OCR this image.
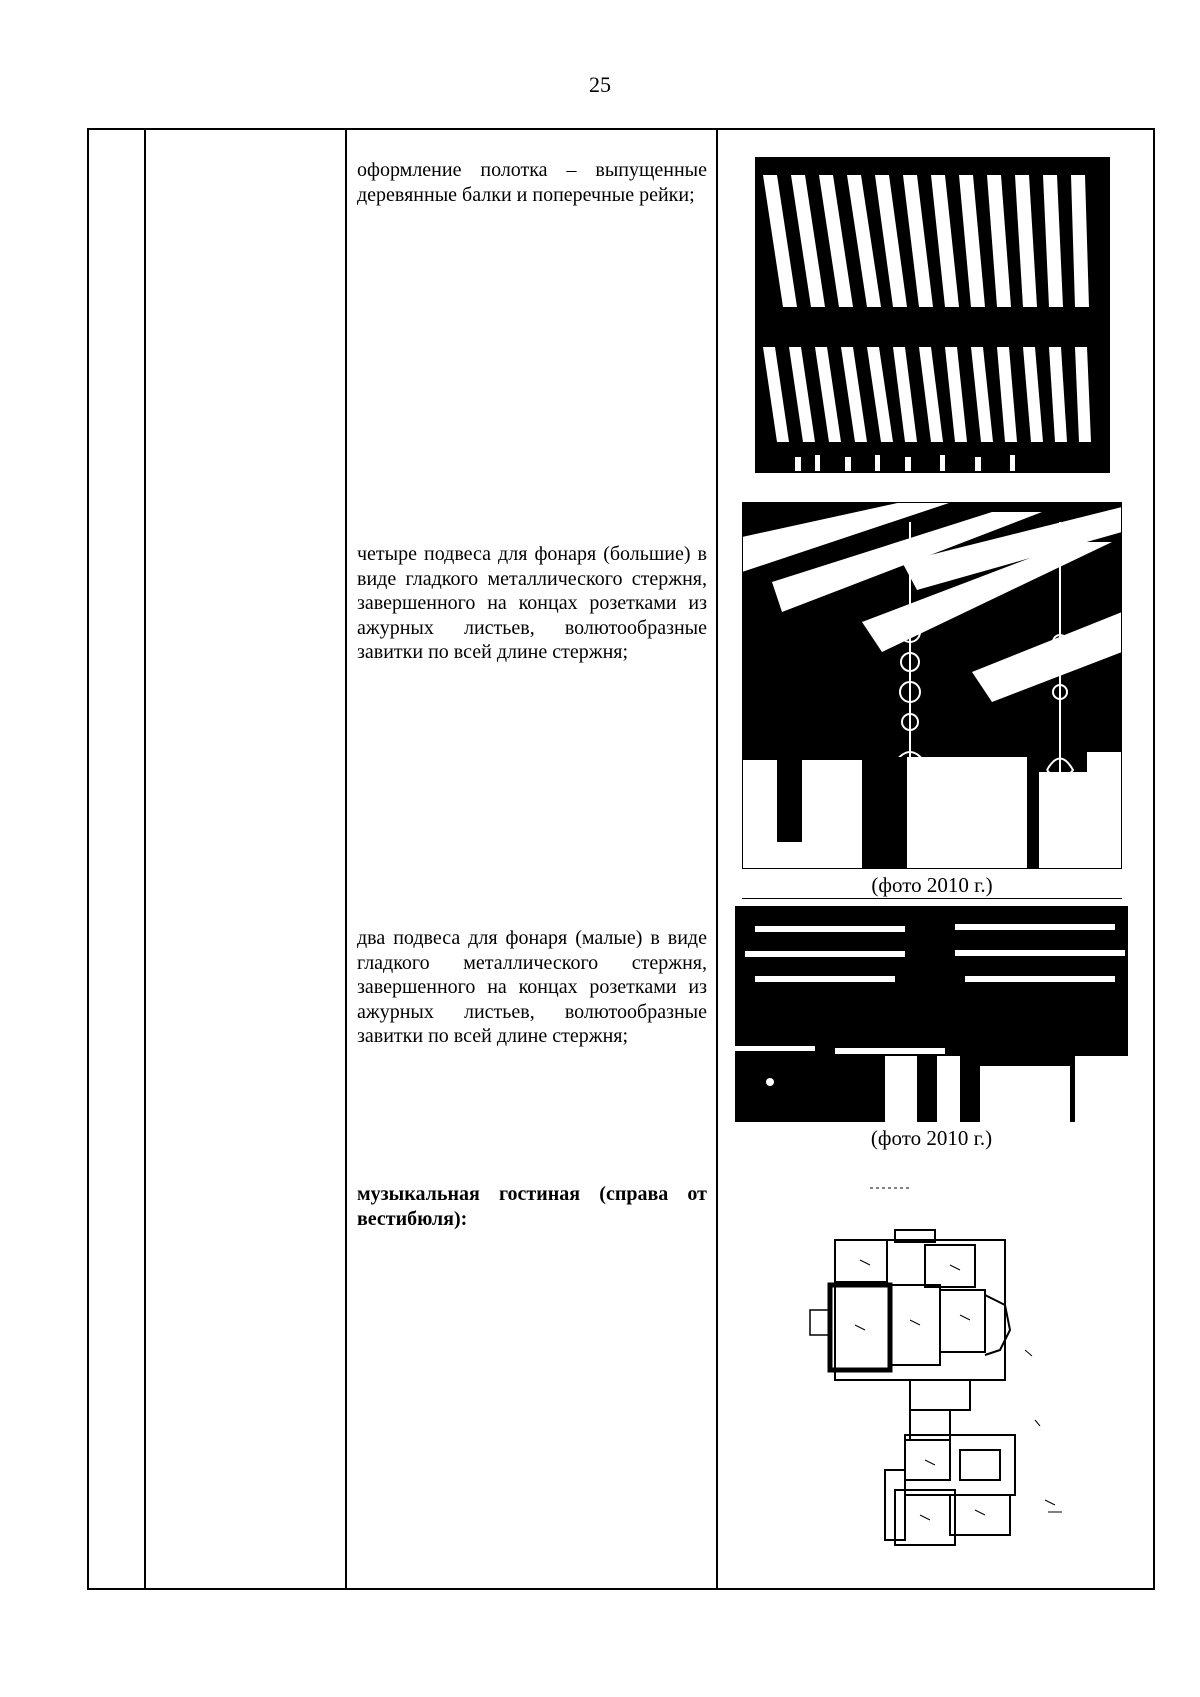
25
оформление полотка – выпущенные деревянные балки и поперечные рейки;
четыре подвеса для фонаря (большие) в виде гладкого металлического стержня, завершенного на концах розетками из ажурных листьев, волютообразные завитки по всей длине стержня;
(фото 2010 г.)
два подвеса для фонаря (малые) в виде гладкого металлического стержня, завершенного на концах розетками из ажурных листьев, волютообразные завитки по всей длине стержня;
(фото 2010 г.)
музыкальная гостиная (справа от вестибюля):
